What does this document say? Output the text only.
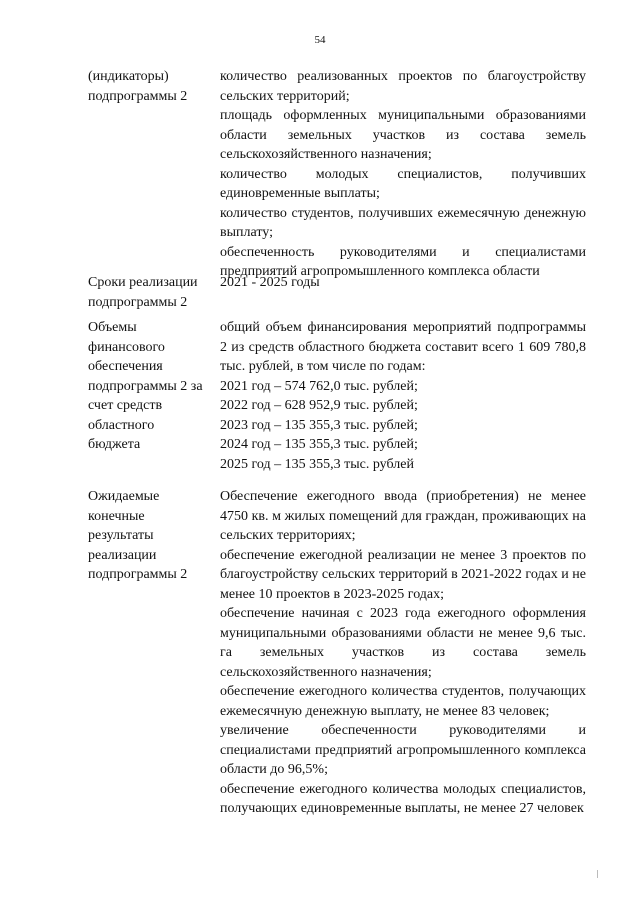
54
(индикаторы) подпрограммы 2

количество реализованных проектов по благоустройству сельских территорий;

площадь оформленных муниципальными образованиями области земельных участков из состава земель сельскохозяйственного назначения;

количество молодых специалистов, получивших единовременные выплаты;

количество студентов, получивших ежемесячную денежную выплату;

обеспеченность руководителями и специалистами предприятий агропромышленного комплекса области

Сроки реализации подпрограммы 2

2021 - 2025 годы

Объемы финансового обеспечения подпрограммы 2 за счет средств областного бюджета

общий объем финансирования мероприятий подпрограммы 2 из средств областного бюджета составит всего 1 609 780,8 тыс. рублей, в том числе по годам:

2021 год – 574 762,0 тыс. рублей;

2022 год – 628 952,9 тыс. рублей;

2023 год – 135 355,3 тыс. рублей;

2024 год – 135 355,3 тыс. рублей;

2025 год – 135 355,3 тыс. рублей

Ожидаемые конечные результаты реализации подпрограммы 2

Обеспечение ежегодного ввода (приобретения) не менее 4750 кв. м жилых помещений для граждан, проживающих на сельских территориях;

обеспечение ежегодной реализации не менее 3 проектов по благоустройству сельских территорий в 2021-2022 годах и не менее 10 проектов в 2023-2025 годах;

обеспечение начиная с 2023 года ежегодного оформления муниципальными образованиями области не менее 9,6 тыс. га земельных участков из состава земель сельскохозяйственного назначения;

обеспечение ежегодного количества студентов, получающих ежемесячную денежную выплату, не менее 83 человек;

увеличение обеспеченности руководителями и специалистами предприятий агропромышленного комплекса области до 96,5%;

обеспечение ежегодного количества молодых специалистов, получающих единовременные выплаты, не менее 27 человек
